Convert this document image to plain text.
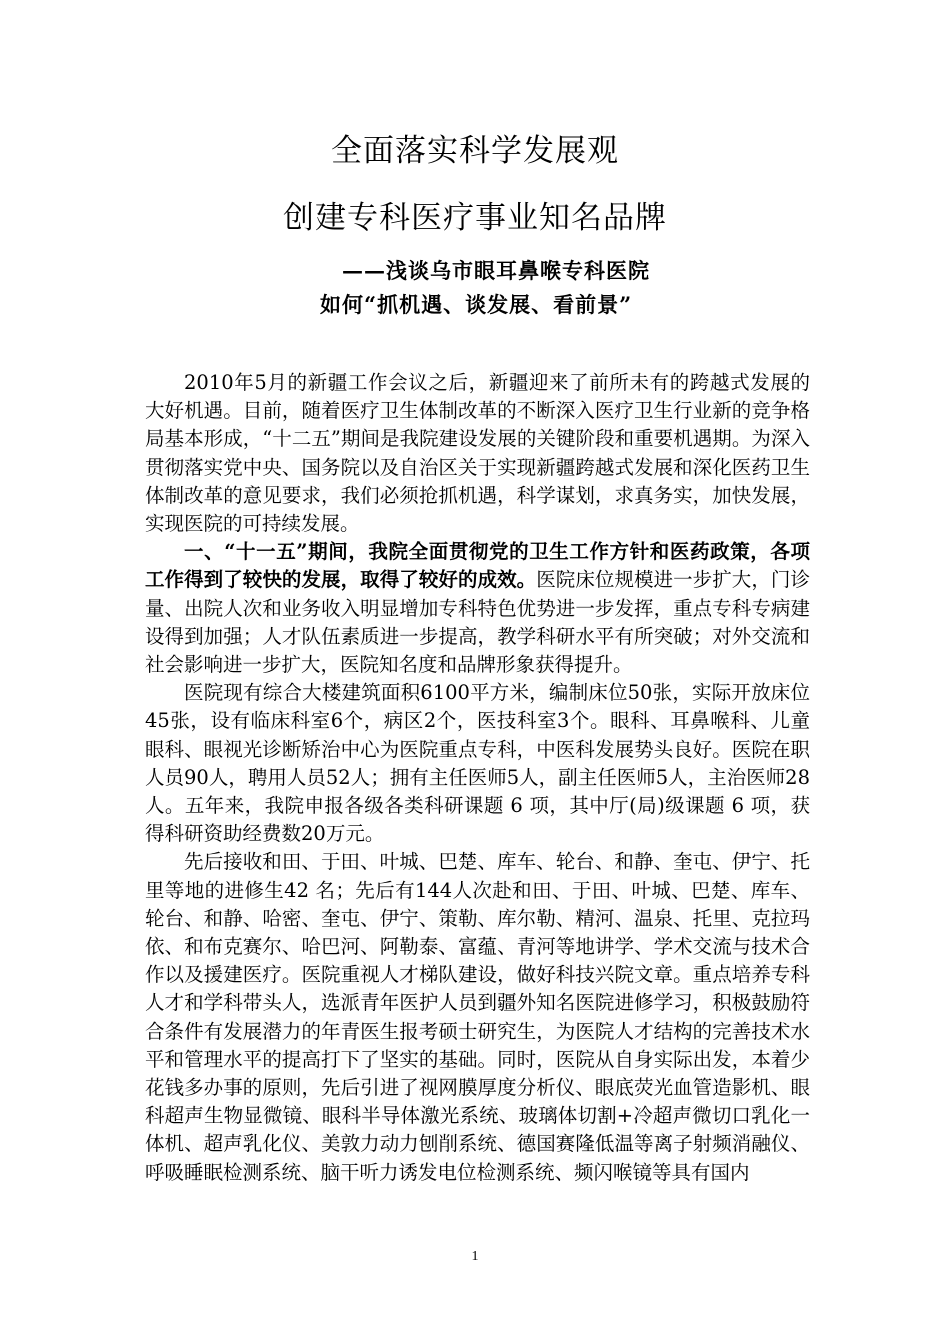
全面落实科学发展观
创建专科医疗事业知名品牌
——浅谈乌市眼耳鼻喉专科医院
如何“抓机遇、谈发展、看前景”

2010年5月的新疆工作会议之后，新疆迎来了前所未有的跨越式发展的大好机遇。目前，随着医疗卫生体制改革的不断深入医疗卫生行业新的竞争格局基本形成，“十二五”期间是我院建设发展的关键阶段和重要机遇期。为深入贯彻落实党中央、国务院以及自治区关于实现新疆跨越式发展和深化医药卫生体制改革的意见要求，我们必须抢抓机遇，科学谋划，求真务实，加快发展，实现医院的可持续发展。

一、“十一五”期间，我院全面贯彻党的卫生工作方针和医药政策，各项工作得到了较快的发展，取得了较好的成效。医院床位规模进一步扩大，门诊量、出院人次和业务收入明显增加专科特色优势进一步发挥，重点专科专病建设得到加强；人才队伍素质进一步提高，教学科研水平有所突破；对外交流和社会影响进一步扩大，医院知名度和品牌形象获得提升。

医院现有综合大楼建筑面积6100平方米，编制床位50张，实际开放床位45张，设有临床科室6个，病区2个，医技科室3个。眼科、耳鼻喉科、儿童眼科、眼视光诊断矫治中心为医院重点专科，中医科发展势头良好。医院在职人员90人，聘用人员52人；拥有主任医师5人，副主任医师5人，主治医师28人。五年来，我院申报各级各类科研课题 6 项，其中厅(局)级课题 6 项，获得科研资助经费数20万元。

先后接收和田、于田、叶城、巴楚、库车、轮台、和静、奎屯、伊宁、托里等地的进修生42 名；先后有144人次赴和田、于田、叶城、巴楚、库车、轮台、和静、哈密、奎屯、伊宁、策勒、库尔勒、精河、温泉、托里、克拉玛依、和布克赛尔、哈巴河、阿勒泰、富蕴、青河等地讲学、学术交流与技术合作以及援建医疗。医院重视人才梯队建设，做好科技兴院文章。重点培养专科人才和学科带头人，选派青年医护人员到疆外知名医院进修学习，积极鼓励符合条件有发展潜力的年青医生报考硕士研究生，为医院人才结构的完善技术水平和管理水平的提高打下了坚实的基础。同时，医院从自身实际出发，本着少花钱多办事的原则，先后引进了视网膜厚度分析仪、眼底荧光血管造影机、眼科超声生物显微镜、眼科半导体激光系统、玻璃体切割+冷超声微切口乳化一体机、超声乳化仪、美敦力动力刨削系统、德国赛隆低温等离子射频消融仪、呼吸睡眠检测系统、脑干听力诱发电位检测系统、频闪喉镜等具有国内

1
